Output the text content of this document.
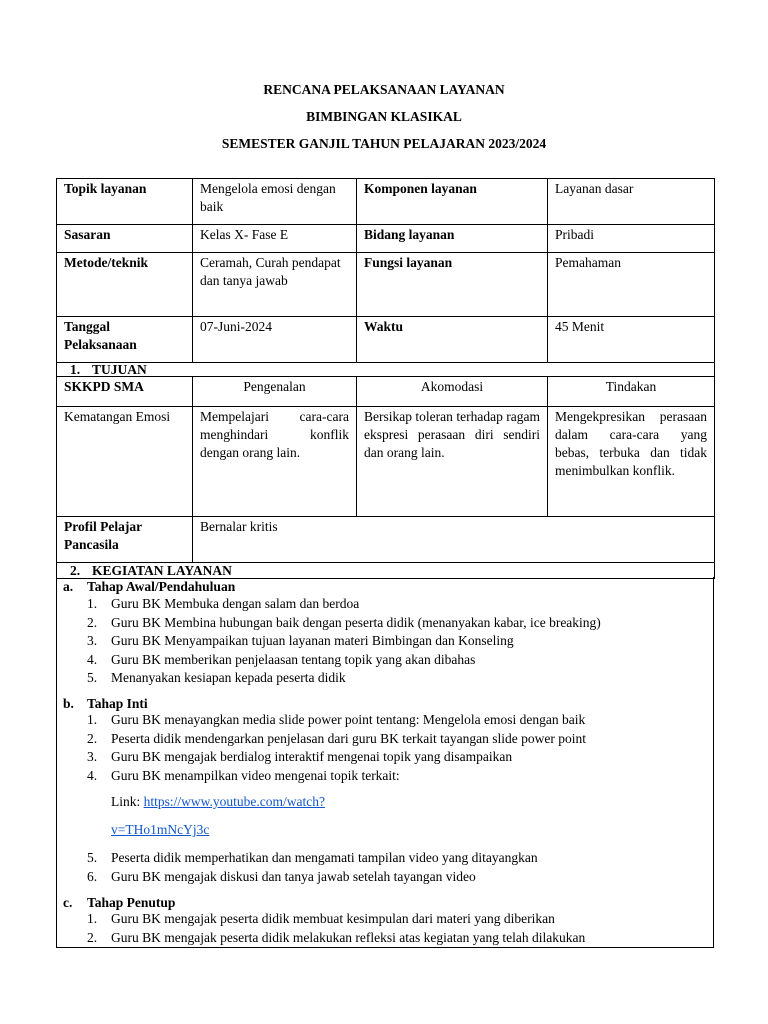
RENCANA PELAKSANAAN LAYANAN
BIMBINGAN KLASIKAL
SEMESTER GANJIL TAHUN PELAJARAN 2023/2024
Topik layanan	Mengelola emosi dengan baik	Komponen layanan	Layanan dasar
Sasaran	Kelas X- Fase E	Bidang layanan	Pribadi
Metode/teknik	Ceramah, Curah pendapat dan tanya jawab	Fungsi layanan	Pemahaman
Tanggal Pelaksanaan	07-Juni-2024	Waktu	45 Menit
1. TUJUAN			
SKKPD SMA	Pengenalan	Akomodasi	Tindakan
Kematangan Emosi	Mempelajari cara-cara menghindari konflik dengan orang lain.	Bersikap toleran terhadap ragam ekspresi perasaan diri sendiri dan orang lain.	Mengekpresikan perasaan dalam cara-cara yang bebas, terbuka dan tidak menimbulkan konflik.
Profil Pelajar Pancasila	Bernalar kritis		
2. KEGIATAN LAYANAN			
a. Tahap Awal/Pendahuluan
1. Guru BK Membuka dengan salam dan berdoa
2. Guru BK Membina hubungan baik dengan peserta didik (menanyakan kabar, ice breaking)
3. Guru BK Menyampaikan tujuan layanan materi Bimbingan dan Konseling
4. Guru BK memberikan penjelaasan tentang topik yang akan dibahas
5. Menanyakan kesiapan kepada peserta didik
b. Tahap Inti
1. Guru BK menayangkan media slide power point tentang: Mengelola emosi dengan baik
2. Peserta didik mendengarkan penjelasan dari guru BK terkait tayangan slide power point
3. Guru BK mengajak berdialog interaktif mengenai topik yang disampaikan
4. Guru BK menampilkan video mengenai topik terkait:
Link: https://www.youtube.com/watch?
v=THo1mNcYj3c
5. Peserta didik memperhatikan dan mengamati tampilan video yang ditayangkan
6. Guru BK mengajak diskusi dan tanya jawab setelah tayangan video
c. Tahap Penutup
1. Guru BK mengajak peserta didik membuat kesimpulan dari materi yang diberikan
2. Guru BK mengajak peserta didik melakukan refleksi atas kegiatan yang telah dilakukan
